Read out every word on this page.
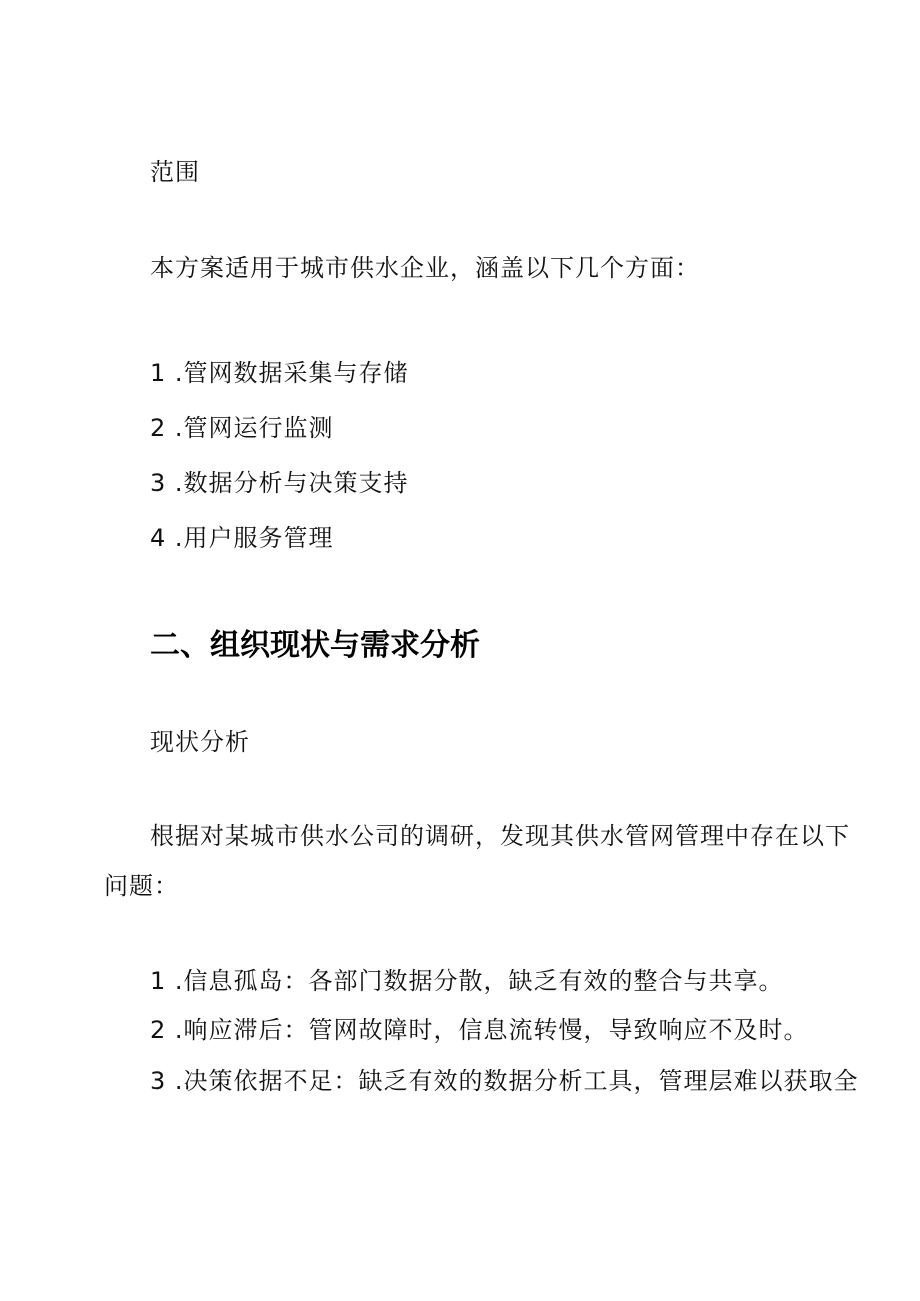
范围
本方案适用于城市供水企业，涵盖以下几个方面：
1 .管网数据采集与存储
2 .管网运行监测
3 .数据分析与决策支持
4 .用户服务管理
二、组织现状与需求分析
现状分析
根据对某城市供水公司的调研，发现其供水管网管理中存在以下
问题：
1 .信息孤岛：各部门数据分散，缺乏有效的整合与共享。
2 .响应滞后：管网故障时，信息流转慢，导致响应不及时。
3 .决策依据不足：缺乏有效的数据分析工具，管理层难以获取全
